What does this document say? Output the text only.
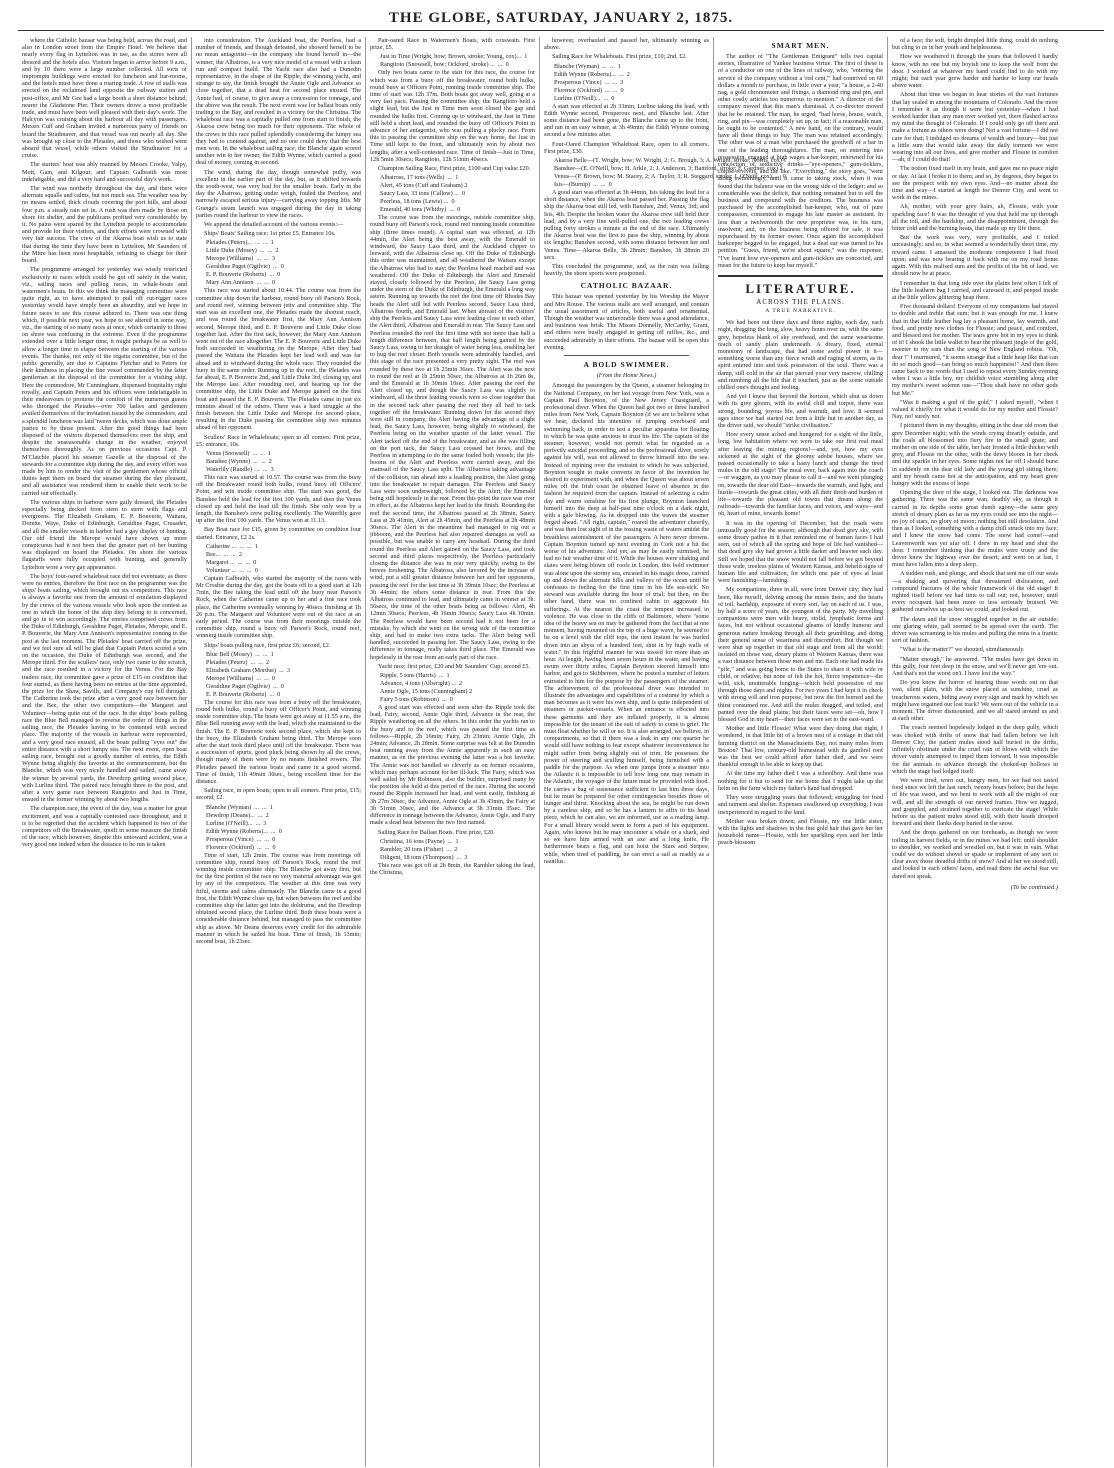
THE GLOBE, SATURDAY, JANUARY 2, 1875.

where the Catholic bazaar was being held, across the road, and also in London street from the Empire Hotel. We believe that nearly every flag in Lyttelton was in use, as the stores were all dressed and the hotels also. Visitors began to arrive before 9 a.m., and by 10 there were a large number collected. All sorts of impromptu buildings were erected for luncheon and bar-rooms, and the hotels must have done a roaring trade. A row of stalls was erected on the reclaimed land opposite the railway station and post-office, and Mr Gee had a large booth a short distance behind, nearer the Gladstone Pier. Their owners drove a most profitable trade, and must have been well pleased with their day's work. The Halcyon was cruising about the harbour all day with passengers. Messrs Cuff and Graham invited a numerous party of friends on board the Strathnaver, and that vessel was out nearly all day. She was brought up close to the Pleiades, and those who wished went aboard that vessel, while others visited the Strathnaver for a cruise.

The starters' boat was ably manned by Messrs Crooke, Valpy, Mott, Gain, and Kilgour, and Captain Galbraith was most indefatigable, and did a very hard and successful day's work.

The wind was northerly throughout the day, and there were alternate squalls and calms, but not much sea. The weather was by no means settled, thick clouds covering the port hills, and about four p.m. a steady rain set in. A rush was then made by those on shore for shelter, and the publicans profited very considerably by it. No pains were spared by the Lyttelton people to accommodate and provide for their visitors, and their efforts were crowned with very fair success. The crew of the Akaroa boat wish us to state that during the time they have been in Lyttelton, Mr Saunders of the Mitre has been most hospitable, refusing to charge for their board.

The programme arranged for yesterday was wisely restricted exclusively to races which could be got off safely in the water, viz., sailing races and pulling races, in whale-boats and watermen's boats. In this we think the managing committee were quite right, as to have attempted to pull off cut-rigger races yesterday would have simply been an absurdity, and we hope in future races to see this course adhered to. There was one thing which, if possible next year, we hope to see altered in some way, viz., the starting of so many races at once, which certainly to those on shore was confusing in the extreme. Even if the programme extended over a little longer time, it might perhaps be as well to allow a longer time to elapse between the starting of the various events. The thanks, not only of the regatta committee, but of the public generally, are due to Captains Fletcher and to Peters for their kindness in placing the fine vessel commanded by the latter gentleman at the disposal of the committee for a visiting ship. Here the commodore, Mr Cunningham, dispensed hospitality right royally, and Captain Peters and his officers were indefatigable in their endeavours to promote the comfort of the numerous guests who thronged the Pleiades—over 700 ladies and gentlemen availed themselves of the invitation issued by the commodore, and a splendid luncheon was laid 'tween decks, which was done ample justice to by those present. After the good things had been disposed of the visitors dispersed themselves over the ship, and despite the unseasonable change in the weather, enjoyed themselves thoroughly. As on previous occasions Capt. P. M'Clatchie placed his steamer Gazelle at the disposal of the stewards for a committee ship during the day, and every effort was made by him to render the visit of the gentlemen whose official duties kept them on board the steamer during the day pleasant, and all assistance was rendered them to enable their work to be carried out effectually.

The various ships in harbour were gaily dressed, the Pleiades especially being decked from stem to stern with flags and evergreens. The Elizabeth Graham, E. P. Bouverie, Waitara, Dorette, Waye, Duke of Edinburgh, Geraldine Paget, Crusader, and all the smaller vessels in harbor had a gay display of bunting. Our old friend the Merope would have shown up more conspicuous had it not been that the greater part of her bunting was displayed on board the Pleiades. On shore the various flagstaffs were fully occupied with bunting, and generally Lyttelton wore a very gay appearance.

The boys' four-oared whaleboat race did not eventuate, as there were no entries, therefore the first race on the programme was the ships' boats sailing, which brought out six competitors. This race is always a favorite one from the amount of emulation displayed by the crews of the various vessels who look upon the contest as one in which the honor of the ship they belong to is concerned, and go in to win accordingly. The entries comprised crews from the Duke of Edinburgh, Geraldine Paget, Pleiades, Merope, and E. P. Bouverie, the Mary Ann Annison's representative coming to the post at the last moment. The Pleiades' boat carried off the prize, and we feel sure all will be glad that Captain Peters scored a win on the occasion, the Duke of Edinburgh was second, and the Merope third. For the scullers' race, only two came to the scratch, and the race resulted in a victory for the Venus. For the Bay traders race, the committee gave a prize of £15 on condition that four started, as there having been no entries at the time appointed, the prize for the Shaw, Savills, and Company's cup fell through. The Catherine took the prize after a very good race between her and the Bee, the other two competitors—the Margaret and Volunteer—being quite out of the race. In the ships' boats pulling race the Blue Bell managed to reverse the order of things in the sailing race, the Pleiades having to be contented with second place. The majority of the vessels in harbour were represented, and a very good race ensued, all the boats pulling "eyes out" the entire distance with a short lumpy sea. The next event, open boat sailing race, brought out a goodly number of entries, the Edith Wynne being slightly the favorite at the commencement, but the Blanche, which was very nicely handled and sailed, came away the winner by several yards, the Dewdrop getting second place, with Lurline third. The paired race brought three to the post, and after a very game race between Rangitoto and Just in Time, ensued in the former winning by about two lengths.

The champion race, the event of the day, was a matter for great excitement, and was a capitally contested race throughout, and it is to be regretted that the accident which happened to two of the competitors off the Breakwater, spoilt in some measure the finish of the race, which however, despite this untoward accident, was a very good one indeed when the distance to be run is taken

into consideration. The Auckland boat, the Peerless, had a number of friends, and though defeated, she showed herself to be no mean antagonist—in the company she found herself in—the winner, the Albatross, is a very nice model of a vessel with a clean run and compact build. The Yacht race also had a Dunedin representative, in the shape of the Ripple, the winning yacht, and strange to say, the finish brought the Annie Ogle and Advance so close together, that a dead heat for second place ensued. The Annie had, of course, to give away a concession for tonnage, and the above was the result. The next event was for ballast boats only trading to the Bay, and resulted in a victory for the Christina. The whaleboat race was a capitally pulled one from start to finish, the Akaroa crew being too much for their opponents. The whole of the crews in this race pulled splendidly considering the lumpy sea they had to contend against, and no one could deny that the best men won. In the whaleboat sailing race, the Blanche again scored another win to her owner, the Edith Wynne, which carried a good deal of money, coming in second.

The wind, during the day, though somewhat puffy, was excellent in the earlier part of the day, but, as it shifted towards the south-west, was very bad for the smaller boats. Early in the day the Albatross, getting under weigh, fouled the Peerless, and narrowly escaped serious injury—carrying away topping lifts. Mr Grange's steam launch was engaged during the day in taking parties round the harbour to view the races.

We append the detailed account of the various events:—

Ships' Boats' Sailing race; 1st prize £5. Entrance 10s.

Pleiades (Peters)...  ...  ...  1
Little Duke (Mosey)  ...  ...  2
Merope (Williams)  ...  ...  3
Geraldine Paget (Ogilvie)  ...  0
E. P. Bouverie (Roberts)  ...  0
Mary Ann Annison  ...  ...  0

This race was started about 10.44. The course was from the committee ship down the harbour, round buoy off Parson's Rock, and round reef, winning between jetty and committee ship. The start was an excellent one, the Pleiades made the shortest reach, and was round the breakwater first, the Mary Ann Annison second, Merope third, and E. P. Bouverie and Little Duke close together last. After the first tack, however, the Mary Ann Annison went out of the race altogether. The E. P. Bouverie and Little Duke both succeeded in weathering on the Merope. After they had passed the Waitara the Pleiades kept her lead well and was far ahead and to windward during the whole race. They rounded the buoy in the same order. Running up to the reef, the Pleiades was far ahead, E. P. Bouverie 2nd, and Little Duke 3rd, closing up, and the Merope last. After rounding reef, and bearing up for the committee ship, the Little Duke and Merope gained on the first boat and passed the E. P. Bouverie. The Pleiades came in just six minutes ahead of the others. There was a hard struggle at the finish between the Little Duke and Merope for second place, resulting in the Duke passing the committee ship two minutes ahead of her opponent.

Scullers' Race in Whaleboats; open to all comers. First prize, £5; entrance, 10s.

Venus (Snowsell)  ...  ...  1
Banshee (Wynne)  ...  ...  2
Waterlily (Randle)  ...  ...  3

This race was started at 10.57. The course was from the buoy off the Breakwater round both hulks, round buoy off Officers' Point, and win inside committee ship. The start was good, the Banshee held the lead for the first 100 yards, and then the Venus closed up and held the lead till the finish. She only won by a length, the Banshee's crew pulling excellently. The Waterlily gave up after the first 100 yards. The Venus won at 11.13.

Bay Boat race for £15, given by committee on condition four started. Entrance, £2 2s.

Catherine ...  ...  ...  1
Bee...  ...  ...  2
Margaret ...  ...  ...  0
Volunteer ...  ...  ...  0

Captain Galbraith, who started the majority of the races with Mr Crosbie during the day, got the boats off to a good start at 12h 7min, the Bee taking the lead until off the buoy near Parson's Rock, when the Catherine came up to her and a fine race took place, the Catherine eventually winning by 40secs finishing at 1h 26 p.m. The Margaret and Volunteer were out of the race at an early period. The course was from their moorings outside the committee ship, round a buoy off Parson's Rock, round reef, winning inside committee ship.

Ships' boats pulling race, first prize £6; second, £2.

Blue Bell (Mosey)  ...  ...  1
Pleiades (Peters)  ...  ...  2
Elizabeth Graham (Mordue)  ...  3
Merope (Williams)  ...  ...  0
Geraldine Paget (Ogilvie)  ...  0
E. P. Bouverie (Roberts)  ...  0

The course for this race was from a buoy off the breakwater, round both hulks, round a buoy off Officer's Point, and winning inside committee ship. The boats were got away at 11.55 a.m., the Blue Bell running away with the lead, which she maintained to the finish. The E. P. Bouverie took second place, which she kept to the buoy, the Elizabeth Graham being third. The Merope soon after the start took third place until off the breakwater. There was a succession of spurts, good pluck being shown by all the crews, though many of them were by no means finished rowers. The Pleiades passed the various boats and came in a good second. Time of finish, 11h 49min 30sec., being excellent time for the distance.

Sailing race, in open boats; open to all comers. First prize, £15; second, £2.

Blanche (Wyman)  ...  ...  1
Dewdrop (Deans)...  ...  2
Lurline (O'Neill)...  ...  3
Edith Wynne (Roberts)...  ...  0
Prosperous (Vince)  ...  ...  0
Florence (Ockford)  ...  ...  0

Time of start, 12h 2min. The course was from moorings off committee ship, round buoy off Parson's Rock, round the reef winning inside committee ship. The Blanche got away first, but for the first portion of the race no very material advantage was got by any of the competitors. The weather at this time was very fitful, storms and calms alternately. The Blanche came in a good first, the Edith Wynne close up, but when between the reef and the committee ship the latter got into the doldrums, and the Dewdrop obtained second place, the Lurline third. Both these boats were a considerable distance behind, but managed to pass the committee ship as above. Mr Deans deserves every credit for the admirable manner in which he sailed his boat. Time of finish, 1h 13min; second boat, 1h 23sec.

Pair-oared Race in Watermen's Boats, with coxswain. First prize, £5.

Just in Time (Wright, bow; Brown, stroke; Young, cox)...  1
Rangitoto (Snowsell, bow; Ockford, stroke) ...  ...  0

Only two boats came to the start for this race, the course for which was from a buoy off the breakwater, round both hulks, round buoy at Officers Point, running inside committee ship. The time of start was 12h 37m. Both boats got away well, going at a very fast pace. Passing the committee ship, the Rangitoto held a slight lead, but the Just in Time men soon closed the gap and rounded the hulks first. Coming up to windward, the Just in Time still held a short lead, and rounded the buoy off Officer's Point in advance of her antagonist, who was pulling a plucky race. From this to passing the committee ship on the way home, the Just in Time still kept to the front, and ultimately won by about two lengths, after a well-contested race. Time of finish—Just in Time, 12h 5min 30secs; Rangitoto, 12h 51min 40secs.

Champion Sailing Race, First prize, £100 and Cup value £20.

Albatross, 17 tons (Wells)  ...  1
Alert, 45 tons (Cuff and Graham) 2
Saucy Lass, 33 tons (Callow) ...  0
Peerless, 18 tons (Lewis) ...  0
Emerald, 40 tons (Whitby)  ...  0

The course was from the moorings, outside committee ship, round buoy off Parson's rock, round reef running inside committee ship (three times round). A capital start was effected, at 12h 44min, the Alert being the best away, with the Emerald to windward, the Saucy Lass third, and the Auckland clipper to leeward, with the Albatross close up. Off the Duke of Edinburgh this order was maintained, and all weathered the Waitara except the Albatross who had to stay; the Peerless head reached and was weathered. Off the Duke of Edinburgh the Alert and Emerald stayed, closely followed by the Peerless, the Saucy Lass going under the stern of the Duke of Edinburgh, the Emerald a long way astern. Running up towards the reef the first time off Rhodes Bay heads the Alert still led with Peerless second, Saucy Lass third, Albatross fourth, and Emerald last. When abreast of the visitors' ship the Peerless and Saucy Lass were leading close to each other, the Alert third, Albatross and Emerald in rear. The Saucy Lass and Peerless rounded the reef the first time with not more than half a length difference between, that half length being gained by the Saucy Lass, owing to her draught of water being less, enabling her to hug the reef closer. Both vessels were admirably handled, and this stage of the race presented a very pretty sight. The reef was rounded by these two at 1h 23min 36sec. The Alert was the next to round the reef at 1h 25min 50sec, the Albatross at 1h 26m 8s, and the Emerald at 1h 30min 10sec. After passing the reef the Alert closed up, and though the Saucy Lass was slightly to windward, all the three leading vessels were so close together that in the second tack after passing the reef they all had to tack together off the breakwater. Running down for the second they were still in company, the Alert having the advantage of a slight lead, the Saucy Lass, however, being slightly to windward, the Peerless being on the weather quarter of the latter vessel. The Alert tacked off the end of the breakwater, and as she was filling on the port tack, the Saucy Lass crossed her bows, and the Peerless in attempting to do the same fouled both vessels; the jib-booms of the Alert and Peerless were carried away, and the mainsail of the Saucy Lass split. The Albatross taking advantage of the collision, ran ahead into a leading position, the Alert going into the breakwater to repair damages. The Peerless and Saucy Lass were soon underweigh, followed by the Alert, the Emerald being still hopelessly in the rear. From this point the race was over in effect, as the Albatross kept her lead to the finish. Rounding the reef the second time, the Albatross passed at 2h 38min, Saucy Lass at 2h 41min, Alert at 2h 45min, and the Peerless at 2h 48min 30secs. The Alert in the meantime had managed to rig out a jibboom, and the Peerless had also repaired damages as well as possible, but was unable to carry any headsail. During the third round the Peerless and Alert gained on the Saucy Lass, and took second and third places respectively, the Peerless particularly closing the distance she was in rear very quickly, owing to the breeze freshening. The Albatross, also favored by the increase of wind, put a still greater distance between her and her opponents, passing the reef for the last time at 3h 39min 10sec; the Peerless at 3h 44min; the others some distance in rear. From this the Albatross continued to lead, and ultimately came in winner at 3h. 56secs, the time of the other boats being as follows: Alert, 4h 12min 30secs; Peerless, 4h 16min 30secs; Saucy Lass 4h 10min. The Peerless would have been second had it not been for a mistake, by which she went on the wrong side of the committee ship, and had to make two extra tacks. The Alert being well handled, succeeded in passing her. The Saucy Lass, owing to the difference in tonnage, really takes third place. The Emerald was hopelessly in the rear from an early part of the race.

Yacht race; first prize, £20 and Mr Saunders' Cup; second £5.

Ripple, 5 tons (Harris)  ...  1
Advance, 4 tons (Allwright) ...  2
Annie Ogle, 15 tons (Cunningham) 2
Fairy 5 tons (Robinson)  ...  0

A good start was effected and soon after the Ripple took the lead, Fairy, second, Annie Ogle third, Advance in the rear, the Ripple weathering on all the others. In this order the yachts ran to the buoy and to the reef, which was passed the first time as follows—Ripple, 2h 16min; Fairy, 2h 23min; Annie Ogle, 2h 24min; Advance, 2h 28min. Some surprise was felt at the Dunedin boat running away from the Annie apparently in such an easy manner, as on the previous evening the latter was a hot favorite. The Annie was not handled so cleverly as on former occasions, which may perhaps account for her ill-luck. The Fairy, which was well sailed by Mr Robinson, also the builder, surprised many by the position she held at this period of the race. During the second round the Ripple increased her lead, and went easily, finishing at 3h 27m 30sec, the Advance, Annie Ogle at 3h 43min, the Fairy at 3h 51min 30sec, and the Advance at 3h 31min 35sec. The difference in tonnage between the Advance, Annie Ogle, and Fairy made a dead heat between the two first named.

Sailing Race for Ballast Boats. First prize, £20.

Christina, 16 tons (Payne)  ...  1
Rambler, 20 tons (Fisher)  ...  2
Diligent, 18 tons (Thompson)  ...  3

This race was got off at 2h 8min, the Rambler taking the lead, the Christina,

however, overhauled and passed her, ultimately winning as above.

Sailing Race for Whaleboats. First prize, £10; 2nd, £2.

Blanche (Wyman)  ...  ...  1
Edith Wynne (Roberts)...  ...  2
Prosperous (Vince)  ...  ...  3
Florence (Ockford)  ...  ...  0
Lurline (O'Neill)...  ...  0

A start was effected at 2h 33min, Lurline taking the lead, with Edith Wynne second, Prosperous next, and Blanche last. After some distance had been gone, the Blanche came up to the front, and ran in an easy winner, at 3h 49min; the Edith Wynne coming second a few minutes after.

Four-Oared Champion Whaleboat Race, open to all comers. First prize, £30.

Akaroa Belle—(T. Wright, bow; W. Wright, 2; G. Brough, 3; A. Wright, stroke; Norris, cox) 1
Banshee—(E. O'Neill, bow; H. Arkle, 2; J. Anderson, 3; Bamford, stroke; F. Gardner, cox) 2
Venus—(P. Brown, bow; M. Stacey, 2; A. Taylor, 3; R. Steggard, stroke; J. O'Neill, cox)  ...  0
Isis—(Burnip)  ...  ...  0

A good start was effected at 3h 44min, Isis taking the lead for a short distance, when the Akaroa boat passed her. Passing the flag ship the Akaroa boat still led, with Banshee, 2nd; Venus, 3rd; and Isis, 4th. Despite the broken water the Akaroa crew still held their lead, and by a very fine well-pulled one, the two leading crews pulling forty strokes a minute at the end of the race. Ultimately the Akaroa boat was the first to pass the ship, winning by about six lengths; Banshee second, with some distance between her and Venus. Time—Akaroa Belle, 3h 28min; Banshee, 3h 28min 20 secs.

This concluded the programme, and, as the rain was falling heavily, the shore sports were postponed.

CATHOLIC BAZAAR.

This bazaar was opened yesterday by his Worship the Mayor and Mrs Rouse. The various stalls are well arranged, and contain the usual assortment of articles, both useful and ornamental. Though the weather was unfavorable there was a good attendance, and business was brisk. The Misses Donnelly, McCarthy, Grant, and others were busily engaged in getting off raffles, &c., and succeeded admirably in their efforts. The bazaar will be open this evening.

A BOLD SWIMMER.
(From the Home News.)

Amongst the passengers by the Queen, a steamer belonging to the National Company, on her last voyage from New York, was a Captain Paul Boynton, of the New Jersey Coastguard, a professional diver. When the Queen had got two or three hundred miles from New York, Captain Boynton (if we are to believe what we hear, declared his intention of jumping overboard and swimming back, in order to test a peculiar apparatus for floating to which he was quite anxious to trust his life. The captain of the steamer, however, would not permit what he regarded as a perfectly suicidal proceeding, and so the professional diver, sorely against his will, was not allowed to throw himself into the sea. Instead of repining over the restraint to which he was subjected, Boynton sought to make converts in favor of the invention he desired to experiment with, and when the Queen was about seven miles off the Irish coast he obtained leave of absence in the fashion he required from the captain. Instead of selecting a calm day and warm sunshine for his first plunge, Boynton launched himself into the deep at half-past nine o'clock on a dark night, with a gale blowing. As he dropped into the waves the steamer forged ahead. "All right, captain," roared the adventurer cheerily, and was then lost sight of in the tossing waste of waters amidst the breathless astonishment of the passengers. A hero never drowns. Captain Boynton turned up next evening in Cork not a bit the worse of his adventure. And yet, as may be easily surmised, he had no fair weather time of it. While the houses were shaking and slates were being blown off roofs in London, this bold swimmer was alone upon the stormy sea, encased in his magic dress, carried up and down the alternate hills and valleys of the ocean until he confesses to feeling for the first time in his life sea-sick. No steward was available during the hour of trial; but then, on the other hand, there was no confined cabin to aggravate his sufferings. At the nearest the coast the tempest increased in violence. He was close to the cliffs of Baltimore, where "some idea of the heavy sea on may be gathered from the fact that at one moment, having mounted on the top of a huge wave, he seemed to be on a level with the cliff tops, the next instant he was hurled down into an abyss of a hundred feet, shut in by high walls of water." In this frightful manner he was tossed for more than an hour. At length, having been seven hours in the water, and having swum over thirty miles, Captain Boynton steered himself into harbor, and got to Skibbereen, where he posted a number of letters entrusted to him for the purpose by the passengers of the steamer. The achievement of the professional diver was intended to illustrate the advantages and capabilities of a costume by which a man becomes as it were his own ship, and is quite independent of steamers or packet-vessels. When an entrance is effected into these garments and they are inflated properly, it is almost impossible for the tenant of the suit of safety to come to grief. He must float whether he will or no. It is also arranged, we believe, in compartments, so that if there was a leak in any one quarter he would still have nothing to fear except whatever inconvenience he might suffer from being slightly out of trim. He possesses the power of steering and sculling himself, being furnished with a paddle for the purpose. As when one jumps from a steamer into the Atlantic it is impossible to tell how long one may remain in the Atlantic, the voyager of the future must be provided with food. He carries a bag of sustenance sufficient to last him three days, but he must be prepared for other contingencies besides those of hunger and thirst. Knocking about the sea, he might be run down by a careless ship, and so he has a lantern to affix to his head piece, which he can also, we are informed, use as a reading lamp. For a small library would seem to form a part of his equipment. Again, who knows but he may encounter a whale or a shark, and so we have him armed with an axe and a long knife. He furthermore bears a flag, and can hoist the Stars and Stripes; while, when tired of paddling, he can erect a sail as readily as a nautilus.

SMART MEN.

The author of "The Gentleman Emigrant" tells two capital stories, illustrative of Yankee business virtue. The first of these is of a conductor on one of the lines of railway, who, "entering the service of the company without a 'red cent,'" had contrived on 60 dollars a month to purchase, in little over a year, "a house, a 2-40 nag, a gold chronometer and fixings, a diamond ring and pin, and other costly articles too numerous to mention." A director of the company moved that this man's dismissal. A co-director moved that he be retained. The man, he urged, "had horse, house, watch, ring, and pin—was completely set up, in fact; if a reasonable man, he ought to be contented." A new hand, on the contrary, would have all these things to buy. The man was retained accordingly. The other was of a man who purchased the goodwill of a bar in one of the leading thoroughfares. The man, on entering into possession, engaged at high wages a bar-keeper, renowned for his concoction of seductive drinks—"eye-openers," gum-ticklers, corpse-revivers, and the like. "Everything," the story goes, "went along swimmingly, until it came to taking stock, when it was found that the balance was on the wrong side of the ledger; and so considerable was the deficit, that nothing remained but to sell the business and compound with the creditors. The business was purchased by the accomplished bar-keeper, who, out of pure compassion, consented to engage his late master as assistant. In less than a twelvemonth the new proprietor was, in his turn, insolvent; and, on the business being offered for sale, it was repurchased by its former owner. Once again the accomplished barkeeper begged to be engaged, but a deaf ear was turned to his petition. "Guess, friend, we're about square," was the response; "I've learnt how eye-openers and gum-ticklers are concocted, and mean for the future to keep bar myself."

LITERATURE.
ACROSS THE PLAINS.
A TRUE NARRATIVE.

We had been out three days and three nights, each day, each night, dragging the long, slow, heavy hours over us, with the same grey, hopeless blank of sky overhead, and the same wearisome reach of sandy plain underneath. A dreary, fixed, eternal monotony of landscape, that had some awful power in it—something worse than any fierce wrath and raging of storm, as its spirit entered into and took possession of the soul. There was a damp, still cold in the air that pierced your very marrow, chilling and numbing all the life that it touched, just as the scene outside chilled one's thought and feeling.

And yet I knew that beyond the horizon, which shut us down with its grey gloom, with its awful chill and torpor, there was strong, bounding, joyous life, and warmth, and love. It seemed ages since we had started out from a little hut in another day, as the driver said, we should "strike civilisation."

How every sense ached and hungered for a sight of the little, long, low habitation where we were to take our first real meal after leaving the mining regions!—and, yet, how my eyes sickened at the sight of the gloomy adobe houses, where we passed occasionally to take a hasty lunch and change the tired mules in the old stage! The meal over, back again into the coach—or waggon, as you may please to call it—and we went plunging on, towards the dear old East—towards the warmth, and light, and hustle—towards the great cities, with all their throb and burden of life—towards the pleasant old towns that dream along the railroads—towards the familiar faces, and voices, and ways—and oh, heart of mine, towards home!

It was in the opening of December, but the roads were unusually good for the season; although that dead grey sky, with some dreary pathos in it that reminded me of human faces I had seen, out of which all the spring and hope of life had vanished—that dead grey sky had grown a little darker and heavier each day. Still we hoped that the snow would not fall before we got beyond those wide, treeless plains of Western Kansas, and beheld signs of human life and cultivation, for which one pair of eyes at least were famishing—famishing.

My companions, three in all, were from Denver city; they had been, like myself, delving among the mines there, and the hearts of toil, hardship, exposure of every sort, lay on each of us. I was, by half a score of years, the youngest of the party. My travelling companions were men with heavy, stolid, lymphatic forms and faces, but not without occasional gleams of kindly humour and generous nature breaking through all their grumbling, and doing their general sense of weariness and discomfort. But though we were shut up together in that old stage and from all the world; isolated on those vast, dreary plains of Western Kansas, there was a vast distance between those men and me. Each one had made his "pile," and was going home to the States to share it with wife or child, or relative; but none of felt the hot, fierce impatience—the wild, sick, unutterable longing—which held possession of me through those days and nights. For two years I had kept it in check with strong will and iron purpose, but now the fire burned and the thirst consumed me. And still the mules dragged, and toiled, and panted over the dead plains; but their faces were set—oh, how I blessed God in my heart—their faces were set to the east-ward.

Mother and little Flossie! What were they doing that night, I wondered, in that little bit of a brown nest of a cottage in that old farming district on the Massachusetts Bay, not many miles from Boston? That low, century-old homestead with its gambrel roof was the best we could afford after father died, and we were thankful enough to be able to keep up that.

At the time my father died I was a schoolboy. And there was nothing for it but to send for me home that I might take up the helm on the farm which my father's hand had dropped.

They were struggling years that followed; struggling for food and raiment and shelter. Expenses swallowed up everything; I was inexperienced in regard to the land.

Mother was broken down; and Flossie, my one little sister, with the lights and shadows in the fine gold hair that gave her her household name—Flossie, with her sparkling eyes and her little peach-blossom

of a face; the soft, bright dimpled little thing, could do nothing but cling to us in her youth and helplessness.

How we weathered it through the years that followed I hardly know, with no one but my boyish one to keep the wolf from the door. I worked at whatever my hand could find to do with my might; but each year grew harder and harder to keep our heads above water.

About that time we began to hear stories of the vast fortunes that lay sealed in among the mountains of Colorado. And the more I remember it as though it were but yesterday—when I had worked harder than any man ever worked yet, there flashed across my mind the thought of Colorado. If I could only go off there and make a fortune as others were doing! Not a vast fortune—I did not care for that; I indulged no dreams of wealth and luxury—but just a little sum that would take away the daily torment we were wearing into all our lives, and give mother and Flossie in comfort—ah, if I could do that!

The notion fixed itself in my brain, and gave me no peace night or day. At last I broke it to them; and so, by degrees, they began to see the prospect with my own eyes. And—no matter about the time and way—I started at length for Denver City, and went to work in the mines.

Ah, mother, with your grey hairs, ah, Flossie, with your sparkling face! It was the thought of you that held me up through all the toil, and the hardship, and the disappointment, through the bitter cold and the burning heats, that made up my life there.

But the work was very, very profitable, and I toiled unceasingly; and so, in what seemed a wonderfully short time, my reward came. I amassed the moderate competence I had fixed upon; and was now bearing it back with me on my road home again. With this realised sum and the profits of the bit of land, we should now be at peace.

I remember in that long ride over the plains how often I felt of the little leathern bag I carried, and caressed it, and peeped inside at the little yellow glittering heap there.

Five thousand dollars! Everyone of my companions had stayed to double and treble that sum; but it was enough for me. I knew that in that little leather bag lay a pleasant home, lay warmth, and food, and pretty new clothes for Flossie; and peace, and comfort, and blessed rest for mother. The tears grew hot in my eyes to think of it! I shook the little wallet to hear the pleasant jingle of the gold, sweeter to my ears than the song of New England robins. "Oh, dear !" I murmured, "it seems strange that a little heap like that can do so much good—can bring so much happiness!" And then there came back to me words that I used to repeat every Sunday evening when I was a little boy, my childish voice stumbling along after my mother's sweet solemn one—"Thou shalt have no other gods but Me."

"Was it making a god of the gold," I asked myself, "when I valued it chiefly for what it would do for my mother and Flossie? Nay, no! surely not.

I pictured them in my thoughts, sitting in the dear old room that grey December night; with the winds crying drearily outside, and the coals all blossomed into fiery fire in the small grate; and mother on one side of the table, her hair frosted a little thicker with grey, and Flossie on the other, with the dewy bloom in her cheek and the sparkle in her eyes. Some nights not far off I should burst in suddenly on the dear old lady and the young girl sitting there; and my breath came hot at the anticipation, and my heart grew hungry with the excess of hope.

Opening the door of the stage, I looked out. The darkness was gathering. There was the same wan, deathly sky, as though it carried in its depths some great dumb agony—the same grey stretch of dreary plain as far as my eyes could see into the night—no joy of stars, no glory of moon; nothing but still desolation. And then as I looked, something with a damp chill struck into my face; and I knew the snow had come. The snow had come!—and Leavenworth was yet afar off. I drew in my head and shut the door. I remember thinking that the mules were trusty and the driver knew the highway over the desert; and went on at last, I must have fallen into a deep sleep.

A sudden rush, and plunge, and shock that sent me off our seats—a shaking and quivering that threatened dislocation, and compound fractures of the whole framework of the old stage! It righted itself before we had time to call out; not, however, until every occupant had been more or less seriously bruised. We gathered ourselves up as best we could, and looked out.

The dawn and the snow struggled together in the air outside; one glaring white, pall seemed to be spread over the earth. The driver was screaming to his mules and pulling the reins in a frantic sort of fashion.

"What is the matter?" we shouted, simultaneously.

"Matter enough," he answered. "The mules have got down in this gully, four feet deep in the snow, and we'll never get 'em out. And that's not the worst on't. I have lost the way."

Do you know the horror of hearing those words out on that vast, silent plain, with the snow placed as sunshine, cruel as treacherous waters, hiding away every sign and mark by which we might have regained our lost track? We were out of the vehicle in a moment. The driver dismounted, and we all stared around us and at each other.

The coach seemed hopelessly lodged in the deep gully, which was choked with drifts of snow that had fallen before we left Denver City; the patient mules stood half buried in the drifts, infinitely obstinate under the cruel rain of blows with which the driver vainly attempted to impel them forward. It was impossible for the animals to advance through the choked-up hollows in which the stage had lodged itself.

We were tired, worn out, hungry men, for we had not tasted food since we left the last ranch, twenty hours before; but the hope of life was sweet, and we bent to work with all the might of our will, and all the strength of our nerved frames. How we tugged, and grappled, and strained together to extricate the stage! While before us the patient mules stood still, with their heads drooped forward and their flanks deep buried in the snow.

And the drops gathered on our foreheads, as though we were toiling in harvest fields, or in the mines we had left; until shoulder to shoulder, we worked and wrestled on, but it was in vain. What could we do without shovel or spade or implement of any sort to clear away those dreadful drifts of snow? And at her we stood still, and looked in each others' faces, and read there the awful fear we dared not speak.

(To be continued.)
